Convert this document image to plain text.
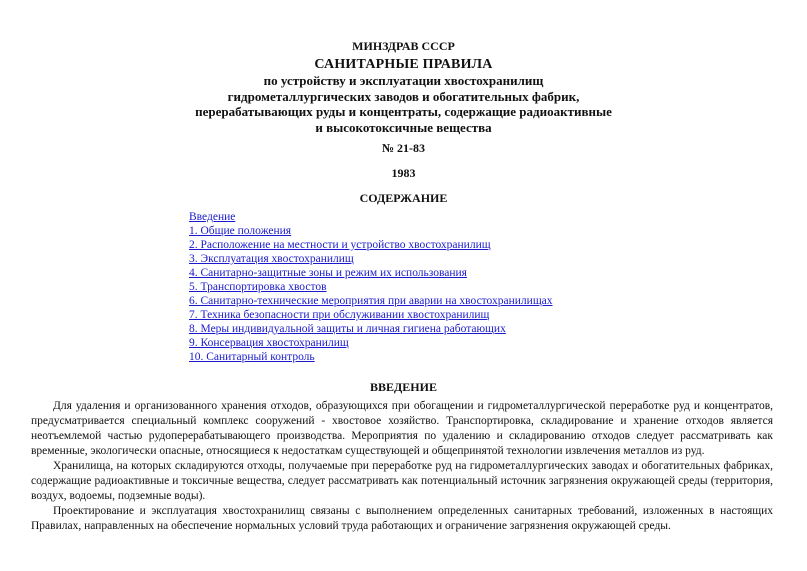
МИНЗДРАВ СССР
САНИТАРНЫЕ ПРАВИЛА
по устройству и эксплуатации хвостохранилищ
гидрометаллургических заводов и обогатительных фабрик,
перерабатывающих руды и концентраты, содержащие радиоактивные
и высокотоксичные вещества
№ 21-83
1983
СОДЕРЖАНИЕ
Введение
1. Общие положения
2. Расположение на местности и устройство хвостохранилищ
3. Эксплуатация хвостохранилищ
4. Санитарно-защитные зоны и режим их использования
5. Транспортировка хвостов
6. Санитарно-технические мероприятия при аварии на хвостохранилищах
7. Техника безопасности при обслуживании хвостохранилищ
8. Меры индивидуальной защиты и личная гигиена работающих
9. Консервация хвостохранилищ
10. Санитарный контроль
ВВЕДЕНИЕ

Для удаления и организованного хранения отходов, образующихся при обогащении и гидрометаллургической переработке руд и концентратов, предусматривается специальный комплекс сооружений - хвостовое хозяйство. Транспортировка, складирование и хранение отходов является неотъемлемой частью рудоперерабатывающего производства. Мероприятия по удалению и складированию отходов следует рассматривать как временные, экологически опасные, относящиеся к недостаткам существующей и общепринятой технологии извлечения металлов из руд.

Хранилища, на которых складируются отходы, получаемые при переработке руд на гидрометаллургических заводах и обогатительных фабриках, содержащие радиоактивные и токсичные вещества, следует рассматривать как потенциальный источник загрязнения окружающей среды (территория, воздух, водоемы, подземные воды).

Проектирование и эксплуатация хвостохранилищ связаны с выполнением определенных санитарных требований, изложенных в настоящих Правилах, направленных на обеспечение нормальных условий труда работающих и ограничение загрязнения окружающей среды.
